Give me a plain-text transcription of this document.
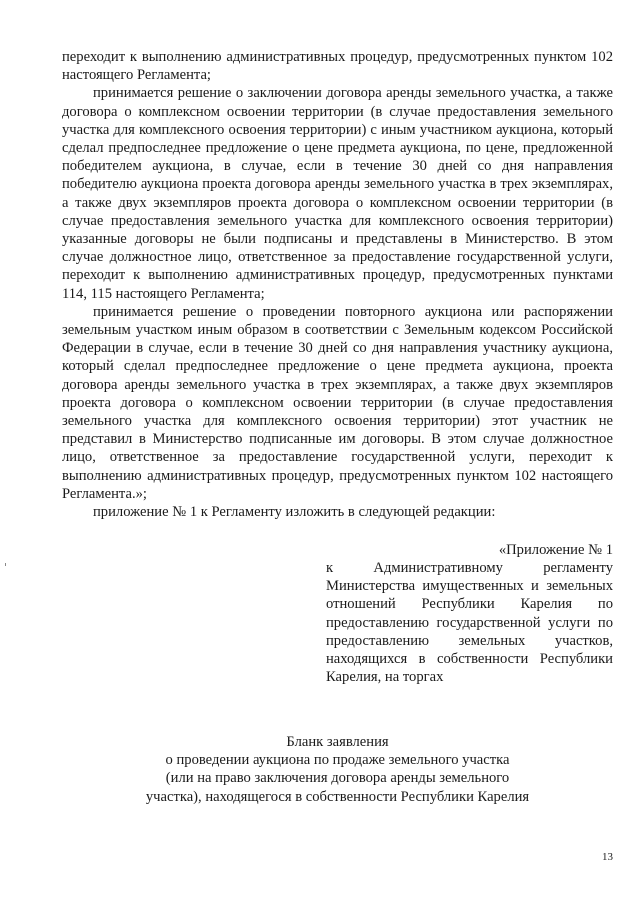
переходит к выполнению административных процедур, предусмотренных пунктом 102 настоящего Регламента;

принимается решение о заключении договора аренды земельного участка, а также договора о комплексном освоении территории (в случае предоставления земельного участка для комплексного освоения территории) с иным участником аукциона, который сделал предпоследнее предложение о цене предмета аукциона, по цене, предложенной победителем аукциона, в случае, если в течение 30 дней со дня направления победителю аукциона проекта договора аренды земельного участка в трех экземплярах, а также двух экземпляров проекта договора о комплексном освоении территории (в случае предоставления земельного участка для комплексного освоения территории) указанные договоры не были подписаны и представлены в Министерство. В этом случае должностное лицо, ответственное за предоставление государственной услуги, переходит к выполнению административных процедур, предусмотренных пунктами 114, 115 настоящего Регламента;

принимается решение о проведении повторного аукциона или распоряжении земельным участком иным образом в соответствии с Земельным кодексом Российской Федерации в случае, если в течение 30 дней со дня направления участнику аукциона, который сделал предпоследнее предложение о цене предмета аукциона, проекта договора аренды земельного участка в трех экземплярах, а также двух экземпляров проекта договора о комплексном освоении территории (в случае предоставления земельного участка для комплексного освоения территории) этот участник не представил в Министерство подписанные им договоры. В этом случае должностное лицо, ответственное за предоставление государственной услуги, переходит к выполнению административных процедур, предусмотренных пунктом 102 настоящего Регламента.»;

приложение № 1 к Регламенту изложить в следующей редакции:

«Приложение № 1
к Административному регламенту Министерства имущественных и земельных отношений Республики Карелия по предоставлению государственной услуги по предоставлению земельных участков, находящихся в собственности Республики Карелия, на торгах
Бланк заявления
о проведении аукциона по продаже земельного участка
(или на право заключения договора аренды земельного
участка), находящегося в собственности Республики Карелия
13
